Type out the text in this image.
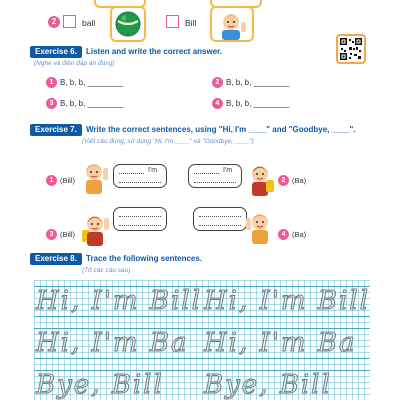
2	ball	Bill
Exercise 6.	Listen and write the correct answer.
(Nghe và điền đáp án đúng)
1 B, b, b, ________	2 B, b, b, ________
3 B, b, b, ________	4 B, b, b, ________
Exercise 7.	Write the correct sentences, using "Hi, I'm ____" and "Goodbye, ____".
(Viết câu đúng, sử dụng "Hi, I'm ____" và "Goodbye, ____")
1 (Bill)
I'm	I'm
2 (Ba)
3 (Bill)	4 (Ba)
Exercise 8.	Trace the following sentences.
(Tô các câu sau)
Hi, I'm Bill Hi, I'm Bill
Hi, I'm Ba Hi, I'm Ba
Bye, Bill Bye, Bill
